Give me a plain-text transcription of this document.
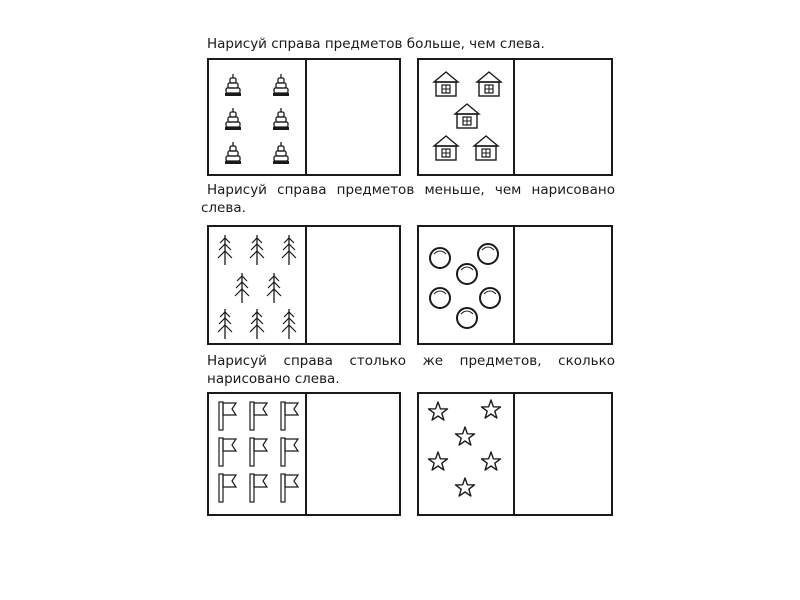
Нарисуй справа предметов больше, чем слева.

Нарисуй справа предметов меньше, чем нарисовано
слева.

Нарисуй справа столько же предметов, сколько
нарисовано слева.
